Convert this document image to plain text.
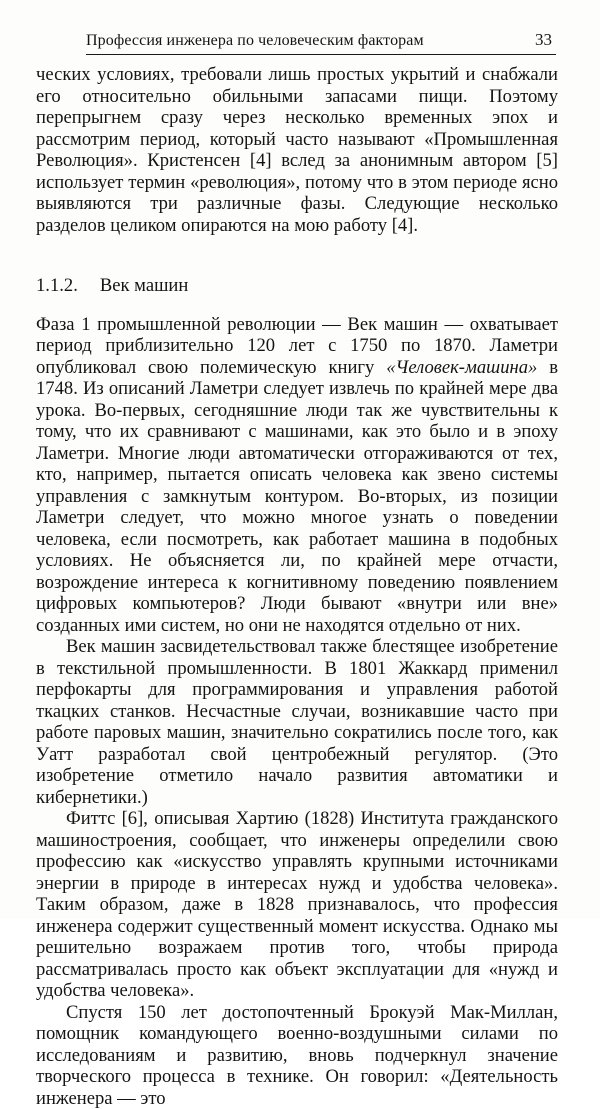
Профессия инженера по человеческим факторам	33

ческих условиях, требовали лишь простых укрытий и снабжали его относительно обильными запасами пищи. Поэтому перепрыгнем сразу через несколько временных эпох и рассмотрим период, который часто называют «Промышленная Революция». Кристенсен [4] вслед за анонимным автором [5] использует термин «революция», потому что в этом периоде ясно выявляются три различные фазы. Следующие несколько разделов целиком опираются на мою работу [4].

1.1.2. Век машин

Фаза 1 промышленной революции — Век машин — охватывает период приблизительно 120 лет с 1750 по 1870. Ламетри опубликовал свою полемическую книгу «Человек-машина» в 1748. Из описаний Ламетри следует извлечь по крайней мере два урока. Во-первых, сегодняшние люди так же чувствительны к тому, что их сравнивают с машинами, как это было и в эпоху Ламетри. Многие люди автоматически отгораживаются от тех, кто, например, пытается описать человека как звено системы управления с замкнутым контуром. Во-вторых, из позиции Ламетри следует, что можно многое узнать о поведении человека, если посмотреть, как работает машина в подобных условиях. Не объясняется ли, по крайней мере отчасти, возрождение интереса к когнитивному поведению появлением цифровых компьютеров? Люди бывают «внутри или вне» созданных ими систем, но они не находятся отдельно от них.

Век машин засвидетельствовал также блестящее изобретение в текстильной промышленности. В 1801 Жаккард применил перфокарты для программирования и управления работой ткацких станков. Несчастные случаи, возникавшие часто при работе паровых машин, значительно сократились после того, как Уатт разработал свой центробежный регулятор. (Это изобретение отметило начало развития автоматики и кибернетики.)

Фиттс [6], описывая Хартию (1828) Института гражданского машиностроения, сообщает, что инженеры определили свою профессию как «искусство управлять крупными источниками энергии в природе в интересах нужд и удобства человека». Таким образом, даже в 1828 признавалось, что профессия инженера содержит существенный момент искусства. Однако мы решительно возражаем против того, чтобы природа рассматривалась просто как объект эксплуатации для «нужд и удобства человека».

Спустя 150 лет достопочтенный Брокуэй Мак-Миллан, помощник командующего военно-воздушными силами по исследованиям и развитию, вновь подчеркнул значение творческого процесса в технике. Он говорил: «Деятельность инженера — это
